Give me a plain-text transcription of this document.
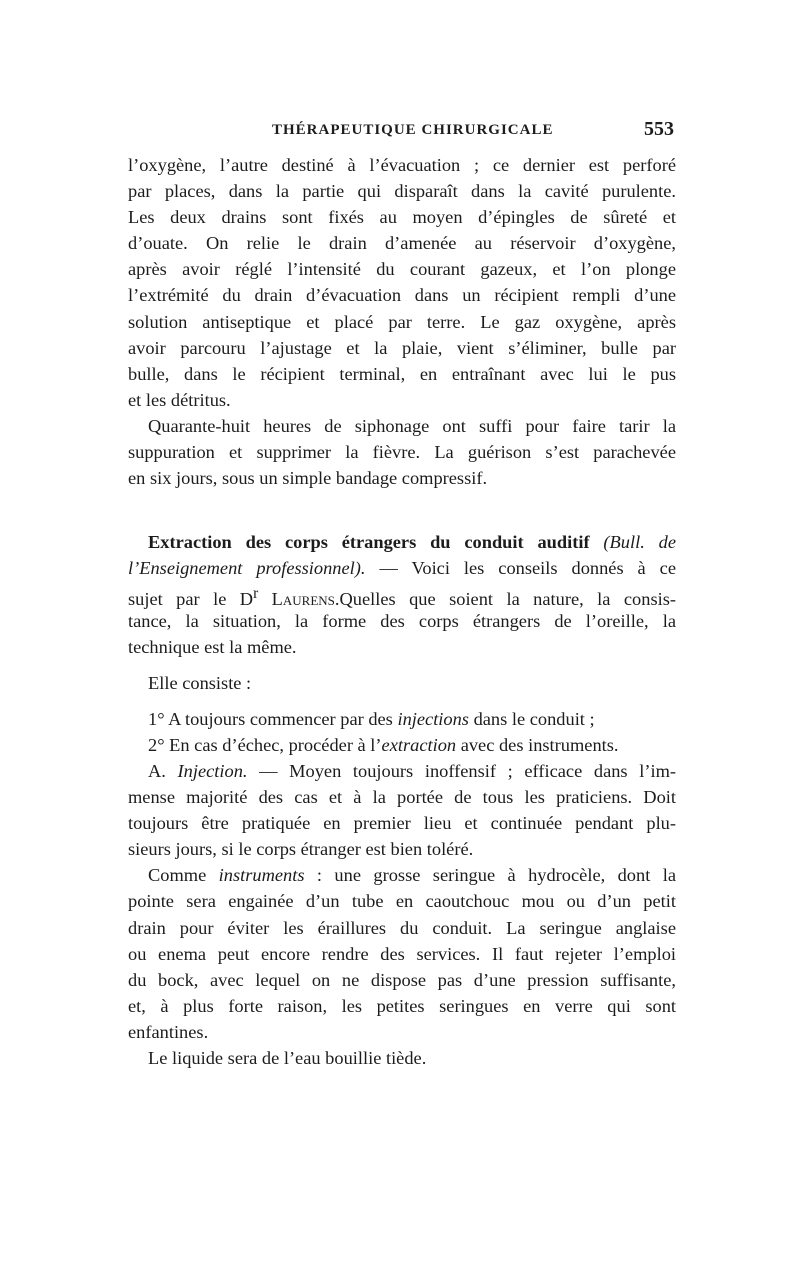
THÉRAPEUTIQUE CHIRURGICALE	553
l’oxygène, l’autre destiné à l’évacuation ; ce dernier est perforé
par places, dans la partie qui disparaît dans la cavité purulente.
Les deux drains sont fixés au moyen d’épingles de sûreté et
d’ouate. On relie le drain d’amenée au réservoir d’oxygène,
après avoir réglé l’intensité du courant gazeux, et l’on plonge
l’extrémité du drain d’évacuation dans un récipient rempli d’une
solution antiseptique et placé par terre. Le gaz oxygène, après
avoir parcouru l’ajustage et la plaie, vient s’éliminer, bulle par
bulle, dans le récipient terminal, en entraînant avec lui le pus
et les détritus.
Quarante-huit heures de siphonage ont suffi pour faire tarir la
suppuration et supprimer la fièvre. La guérison s’est parachevée
en six jours, sous un simple bandage compressif.
Extraction des corps étrangers du conduit auditif (Bull. de
l’Enseignement professionnel). — Voici les conseils donnés à ce
sujet par le $D^r$ Laurens.Quelles que soient la nature, la consis-
tance, la situation, la forme des corps étrangers de l’oreille, la
technique est la même.
Elle consiste :
1° A toujours commencer par des injections dans le conduit ;
2° En cas d’échec, procéder à l’extraction avec des instruments.
A. Injection. — Moyen toujours inoffensif ; efficace dans l’im-
mense majorité des cas et à la portée de tous les praticiens. Doit
toujours être pratiquée en premier lieu et continuée pendant plu-
sieurs jours, si le corps étranger est bien toléré.
Comme instruments : une grosse seringue à hydrocèle, dont la
pointe sera engainée d’un tube en caoutchouc mou ou d’un petit
drain pour éviter les éraillures du conduit. La seringue anglaise
ou enema peut encore rendre des services. Il faut rejeter l’emploi
du bock, avec lequel on ne dispose pas d’une pression suffisante,
et, à plus forte raison, les petites seringues en verre qui sont
enfantines.
Le liquide sera de l’eau bouillie tiède.
